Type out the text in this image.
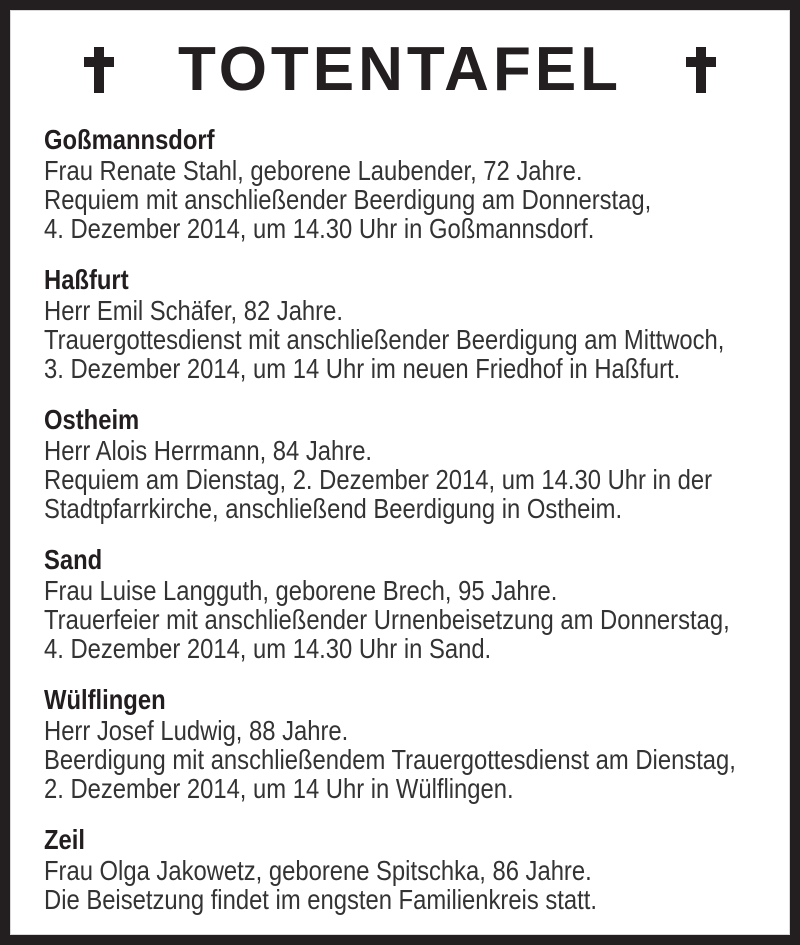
TOTENTAFEL
Goßmannsdorf

Frau Renate Stahl, geborene Laubender, 72 Jahre.

Requiem mit anschließender Beerdigung am Donnerstag,

4. Dezember 2014, um 14.30 Uhr in Goßmannsdorf.

Haßfurt

Herr Emil Schäfer, 82 Jahre.

Trauergottesdienst mit anschließender Beerdigung am Mittwoch,

3. Dezember 2014, um 14 Uhr im neuen Friedhof in Haßfurt.

Ostheim

Herr Alois Herrmann, 84 Jahre.

Requiem am Dienstag, 2. Dezember 2014, um 14.30 Uhr in der

Stadtpfarrkirche, anschließend Beerdigung in Ostheim.

Sand

Frau Luise Langguth, geborene Brech, 95 Jahre.

Trauerfeier mit anschließender Urnenbeisetzung am Donnerstag,

4. Dezember 2014, um 14.30 Uhr in Sand.

Wülflingen

Herr Josef Ludwig, 88 Jahre.

Beerdigung mit anschließendem Trauergottesdienst am Dienstag,

2. Dezember 2014, um 14 Uhr in Wülflingen.

Zeil

Frau Olga Jakowetz, geborene Spitschka, 86 Jahre.

Die Beisetzung findet im engsten Familienkreis statt.
